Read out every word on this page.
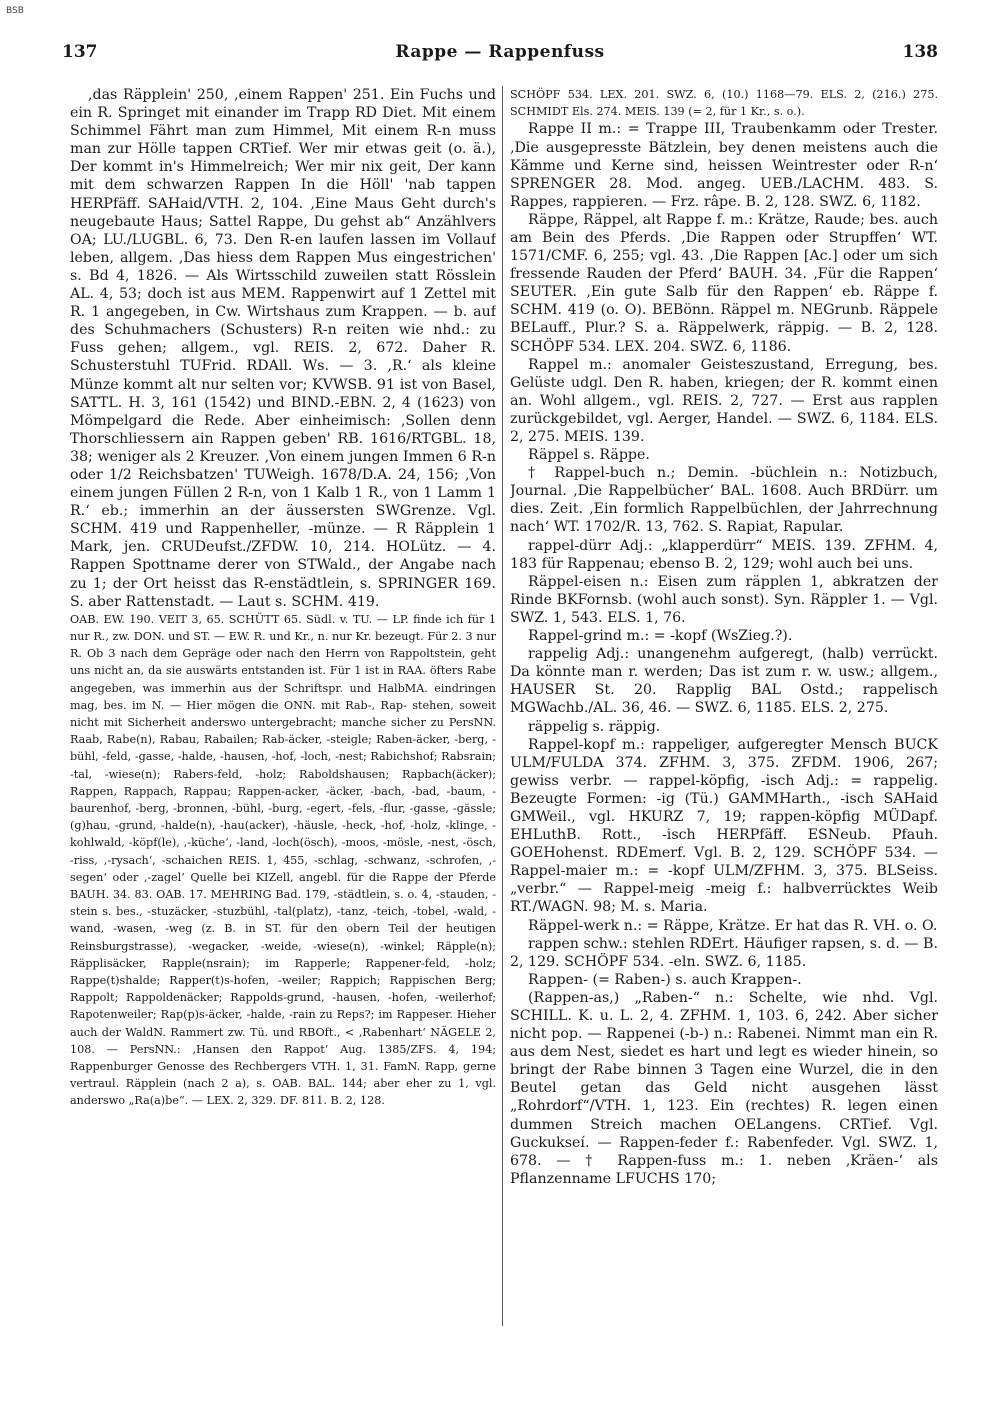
BSB
137	Rappe — Rappenfuss	138

,das Räpplein' 250, ,einem Rappen' 251. Ein Fuchs und ein R. Springet mit einander im Trapp RD Diet. Mit einem Schimmel Fährt man zum Himmel, Mit einem R-n muss man zur Hölle tappen CRTief. Wer mir etwas geit (o. ä.), Der kommt in's Himmelreich; Wer mir nix geit, Der kann mit dem schwarzen Rappen In die Höll' 'nab tappen HERPfäff. SAHaid/VTH. 2, 104. ,Eine Maus Geht durch's neugebaute Haus; Sattel Rappe, Du gehst ab“ Anzählvers OA; LU./LUGBL. 6, 73. Den R-en laufen lassen im Vollauf leben, allgem. ,Das hiess dem Rappen Mus eingestrichen' s. Bd 4, 1826. — Als Wirtsschild zuweilen statt Rösslein AL. 4, 53; doch ist aus MEM. Rappenwirt auf 1 Zettel mit R. 1 angegeben, in Cw. Wirtshaus zum Krappen. — b. auf des Schuhmachers (Schusters) R-n reiten wie nhd.: zu Fuss gehen; allgem., vgl. REIS. 2, 672. Daher R. Schusterstuhl TUFrid. RDAll. Ws. — 3. ‚R.‘ als kleine Münze kommt alt nur selten vor; KVWSB. 91 ist von Basel, SATTL. H. 3, 161 (1542) und BIND.-EBN. 2, 4 (1623) von Mömpelgard die Rede. Aber einheimisch: ‚Sollen denn Thorschliessern ain Rappen geben' RB. 1616/RTGBL. 18, 38; weniger als 2 Kreuzer. ‚Von einem jungen Immen 6 R-n oder 1/2 Reichsbatzen' TUWeigh. 1678/D.A. 24, 156; ‚Von einem jungen Füllen 2 R-n, von 1 Kalb 1 R., von 1 Lamm 1 R.‘ eb.; immerhin an der äussersten SWGrenze. Vgl. SCHM. 419 und Rappenheller, -münze. — R Räpplein 1 Mark, jen. CRUDeufst./ZFDW. 10, 214. HOLütz. — 4. Rappen Spottname derer von STWald., der Angabe nach zu 1; der Ort heisst das R-enstädtlein, s. SPRINGER 169. S. aber Rattenstadt. — Laut s. SCHM. 419.

OAB. EW. 190. VEIT 3, 65. SCHÜTT 65. Südl. v. TU. — LP. finde ich für 1 nur R., zw. DON. und ST. — EW. R. und Kr., n. nur Kr. bezeugt. Für 2. 3 nur R. Ob 3 nach dem Gepräge oder nach den Herrn von Rappoltstein, geht uns nicht an, da sie auswärts entstanden ist. Für 1 ist in RAA. öfters Rabe angegeben, was immerhin aus der Schriftspr. und HalbMA. eindringen mag, bes. im N. — Hier mögen die ONN. mit Rab-, Rap- stehen, soweit nicht mit Sicherheit anderswo untergebracht; manche sicher zu PersNN. Raab, Rabe(n), Rabau, Rabailen; Rab-äcker, -steigle; Raben-äcker, -berg, -bühl, -feld, -gasse, -halde, -hausen, -hof, -loch, -nest; Rabichshof; Rabsrain; -tal, -wiese(n); Rabers-feld, -holz; Raboldshausen; Rapbach(äcker); Rappen, Rappach, Rappau; Rappen-acker, -äcker, -bach, -bad, -baum, -baurenhof, -berg, -bronnen, -bühl, -burg, -egert, -fels, -flur, -gasse, -gässle; (g)hau, -grund, -halde(n), -hau(acker), -häusle, -heck, -hof, -holz, -klinge, -kohlwald, -köpf(le), ,-küche‘, -land, -loch(ösch), -moos, -mösle, -nest, -ösch, -riss, ,-rysach‘, -schaichen REIS. 1, 455, -schlag, -schwanz, -schrofen, ,-segen‘ oder ,-zagel‘ Quelle bei KIZell, angebl. für die Rappe der Pferde BAUH. 34. 83. OAB. 17. MEHRING Bad. 179, -städtlein, s. o. 4, -stauden, -stein s. bes., -stuzäcker, -stuzbühl, -tal(platz), -tanz, -teich, -tobel, -wald, -wand, -wasen, -weg (z. B. in ST. für den obern Teil der heutigen Reinsburgstrasse), -wegacker, -weide, -wiese(n), -winkel; Räpple(n); Räpplisäcker, Rapple(nsrain); im Rapperle; Rappener-feld, -holz; Rappe(t)shalde; Rapper(t)s-hofen, -weiler; Rappich; Rappischen Berg; Rappolt; Rappoldenäcker; Rappolds-grund, -hausen, -hofen, -weilerhof; Rapotenweiler; Rap(p)s-äcker, -halde, -rain zu Reps?; im Rappeser. Hieher auch der WaldN. Rammert zw. Tü. und RBOft., < ‚Rabenhart‘ NÄGELE 2, 108. — PersNN.: ‚Hansen den Rappot‘ Aug. 1385/ZFS. 4, 194; Rappenburger Genosse des Rechbergers VTH. 1, 31. FamN. Rapp, gerne vertraul. Räpplein (nach 2 a), s. OAB. BAL. 144; aber eher zu 1, vgl. anderswo „Ra(a)be“. — LEX. 2, 329. DF. 811. B. 2, 128.

SCHÖPF 534. LEX. 201. SWZ. 6, (10.) 1168—79. ELS. 2, (216.) 275. SCHMIDT Els. 274. MEIS. 139 (= 2, für 1 Kr., s. o.).

Rappe II m.: = Trappe III, Traubenkamm oder Trester. ‚Die ausgepresste Bätzlein, bey denen meistens auch die Kämme und Kerne sind, heissen Weintrester oder R-n‘ SPRENGER 28. Mod. angeg. UEB./LACHM. 483. S. Rappes, rappieren. — Frz. râpe. B. 2, 128. SWZ. 6, 1182.

Räppe, Räppel, alt Rappe f. m.: Krätze, Raude; bes. auch am Bein des Pferds. ‚Die Rappen oder Strupffen‘ WT. 1571/CMF. 6, 255; vgl. 43. ‚Die Rappen [Ac.] oder um sich fressende Rauden der Pferd‘ BAUH. 34. ‚Für die Rappen‘ SEUTER. ‚Ein gute Salb für den Rappen‘ eb. Räppe f. SCHM. 419 (o. O). BEBönn. Räppel m. NEGrunb. Räppele BELauff., Plur.? S. a. Räppelwerk, räppig. — B. 2, 128. SCHÖPF 534. LEX. 204. SWZ. 6, 1186.

Rappel m.: anomaler Geisteszustand, Erregung, bes. Gelüste udgl. Den R. haben, kriegen; der R. kommt einen an. Wohl allgem., vgl. REIS. 2, 727. — Erst aus rapplen zurückgebildet, vgl. Aerger, Handel. — SWZ. 6, 1184. ELS. 2, 275. MEIS. 139.

Räppel s. Räppe.

† Rappel-buch n.; Demin. -büchlein n.: Notizbuch, Journal. ‚Die Rappelbücher‘ BAL. 1608. Auch BRDürr. um dies. Zeit. ‚Ein formlich Rappelbüchlen, der Jahrrechnung nach‘ WT. 1702/R. 13, 762. S. Rapiat, Rapular.

rappel-dürr Adj.: „klapperdürr“ MEIS. 139. ZFHM. 4, 183 für Rappenau; ebenso B. 2, 129; wohl auch bei uns.

Räppel-eisen n.: Eisen zum räpplen 1, abkratzen der Rinde BKFornsb. (wohl auch sonst). Syn. Räppler 1. — Vgl. SWZ. 1, 543. ELS. 1, 76.

Rappel-grind m.: = -kopf (WsZieg.?).

rappelig Adj.: unangenehm aufgeregt, (halb) verrückt. Da könnte man r. werden; Das ist zum r. w. usw.; allgem., HAUSER St. 20. Rapplig BAL Ostd.; rappelisch MGWachb./AL. 36, 46. — SWZ. 6, 1185. ELS. 2, 275.

räppelig s. räppig.

Rappel-kopf m.: rappeliger, aufgeregter Mensch BUCK ULM/FULDA 374. ZFHM. 3, 375. ZFDM. 1906, 267; gewiss verbr. — rappel-köpfig, -isch Adj.: = rappelig. Bezeugte Formen: -ig (Tü.) GAMMHarth., -isch SAHaid GMWeil., vgl. HKURZ 7, 19; rappen-köpfig MÜDapf. EHLuthB. Rott., -isch HERPfäff. ESNeub. Pfauh. GOEHohenst. RDEmerf. Vgl. B. 2, 129. SCHÖPF 534. — Rappel-maier m.: = -kopf ULM/ZFHM. 3, 375. BLSeiss. „verbr.“ — Rappel-meig -meig f.: halbverrücktes Weib RT./WAGN. 98; M. s. Maria.

Räppel-werk n.: = Räppe, Krätze. Er hat das R. VH. o. O.

rappen schw.: stehlen RDErt. Häufiger rapsen, s. d. — B. 2, 129. SCHÖPF 534. -eln. SWZ. 6, 1185.

Rappen- (= Raben-) s. auch Krappen-.

(Rappen-as,) „Raben-“ n.: Schelte, wie nhd. Vgl. SCHILL. K. u. L. 2, 4. ZFHM. 1, 103. 6, 242. Aber sicher nicht pop. — Rappenei (-b-) n.: Rabenei. Nimmt man ein R. aus dem Nest, siedet es hart und legt es wieder hinein, so bringt der Rabe binnen 3 Tagen eine Wurzel, die in den Beutel getan das Geld nicht ausgehen lässt „Rohrdorf“/VTH. 1, 123. Ein (rechtes) R. legen einen dummen Streich machen OELangens. CRTief. Vgl. Guckukseí. — Rappen-feder f.: Rabenfeder. Vgl. SWZ. 1, 678. — † Rappen-fuss m.: 1. neben ‚Kräen-‘ als Pflanzenname LFUCHS 170;
